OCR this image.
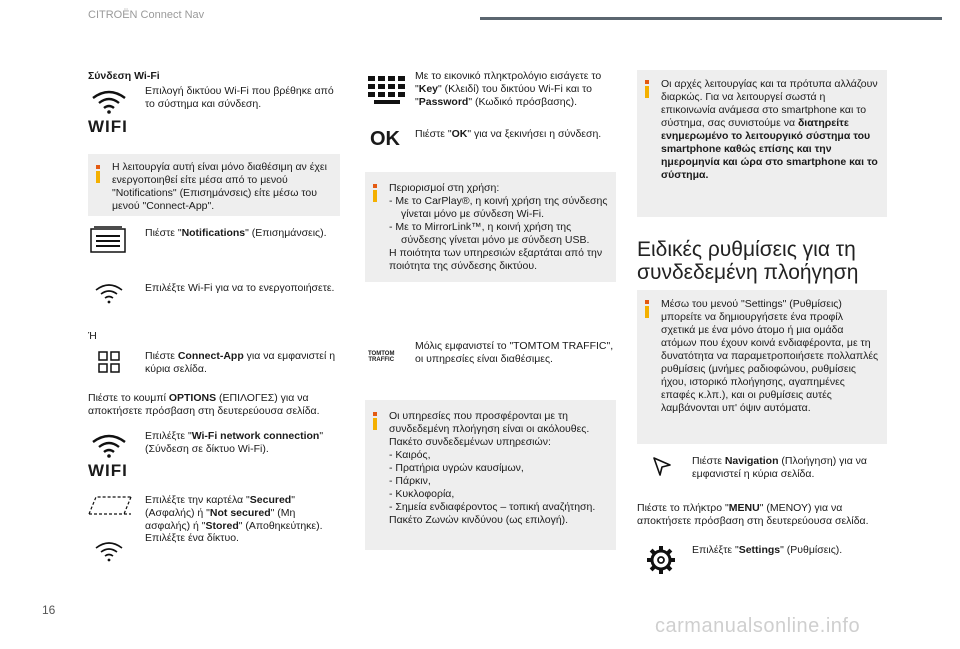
CITROËN Connect Nav
16
carmanualsonline.info
Σύνδεση Wi-Fi
WIFI
Επιλογή δικτύου Wi-Fi που βρέθηκε από το σύστημα και σύνδεση.
Η λειτουργία αυτή είναι μόνο διαθέσιμη αν έχει ενεργοποιηθεί είτε μέσα από το μενού "Notifications" (Επισημάνσεις) είτε μέσω του μενού "Connect-App".
Πιέστε "Notifications" (Επισημάνσεις).
Επιλέξτε Wi-Fi για να το ενεργοποιήσετε.
Ή
Πιέστε Connect-App για να εμφανιστεί η κύρια σελίδα.
Πιέστε το κουμπί OPTIONS (ΕΠΙΛΟΓΕΣ) για να αποκτήσετε πρόσβαση στη δευτερεύουσα σελίδα.
WIFI
Επιλέξτε "Wi-Fi network connection" (Σύνδεση σε δίκτυο Wi-Fi).
Επιλέξτε την καρτέλα "Secured" (Ασφαλής) ή "Not secured" (Μη ασφαλής) ή "Stored" (Αποθηκεύτηκε).
Επιλέξτε ένα δίκτυο.
Με το εικονικό πληκτρολόγιο εισάγετε το "Key" (Κλειδί) του δικτύου Wi-Fi και το "Password" (Κωδικό πρόσβασης).
OK Πιέστε "OK" για να ξεκινήσει η σύνδεση.
Περιορισμοί στη χρήση:
- Με το CarPlay®, η κοινή χρήση της σύνδεσης γίνεται μόνο με σύνδεση Wi-Fi.
- Με το MirrorLink™, η κοινή χρήση της σύνδεσης γίνεται μόνο με σύνδεση USB.
Η ποιότητα των υπηρεσιών εξαρτάται από την ποιότητα της σύνδεσης δικτύου.
TOMTOM
TRAFFIC
Μόλις εμφανιστεί το "TOMTOM TRAFFIC", οι υπηρεσίες είναι διαθέσιμες.
Οι υπηρεσίες που προσφέρονται με τη συνδεδεμένη πλοήγηση είναι οι ακόλουθες.
Πακέτο συνδεδεμένων υπηρεσιών:
- Καιρός,
- Πρατήρια υγρών καυσίμων,
- Πάρκιν,
- Κυκλοφορία,
- Σημεία ενδιαφέροντος – τοπική αναζήτηση.
Πακέτο Ζωνών κινδύνου (ως επιλογή).
Οι αρχές λειτουργίας και τα πρότυπα αλλάζουν διαρκώς. Για να λειτουργεί σωστά η επικοινωνία ανάμεσα στο smartphone και το σύστημα, σας συνιστούμε να διατηρείτε ενημερωμένο το λειτουργικό σύστημα του smartphone καθώς επίσης και την ημερομηνία και ώρα στο smartphone και το σύστημα.
Ειδικές ρυθμίσεις για τη συνδεδεμένη πλοήγηση
Μέσω του μενού "Settings" (Ρυθμίσεις) μπορείτε να δημιουργήσετε ένα προφίλ σχετικά με ένα μόνο άτομο ή μια ομάδα ατόμων που έχουν κοινά ενδιαφέροντα, με τη δυνατότητα να παραμετροποιήσετε πολλαπλές ρυθμίσεις (μνήμες ραδιοφώνου, ρυθμίσεις ήχου, ιστορικό πλοήγησης, αγαπημένες επαφές κ.λπ.), και οι ρυθμίσεις αυτές λαμβάνονται υπ' όψιν αυτόματα.
Πιέστε Navigation (Πλοήγηση) για να εμφανιστεί η κύρια σελίδα.
Πιέστε το πλήκτρο "MENU" (ΜΕΝΟΥ) για να αποκτήσετε πρόσβαση στη δευτερεύουσα σελίδα.
Επιλέξτε "Settings" (Ρυθμίσεις).
